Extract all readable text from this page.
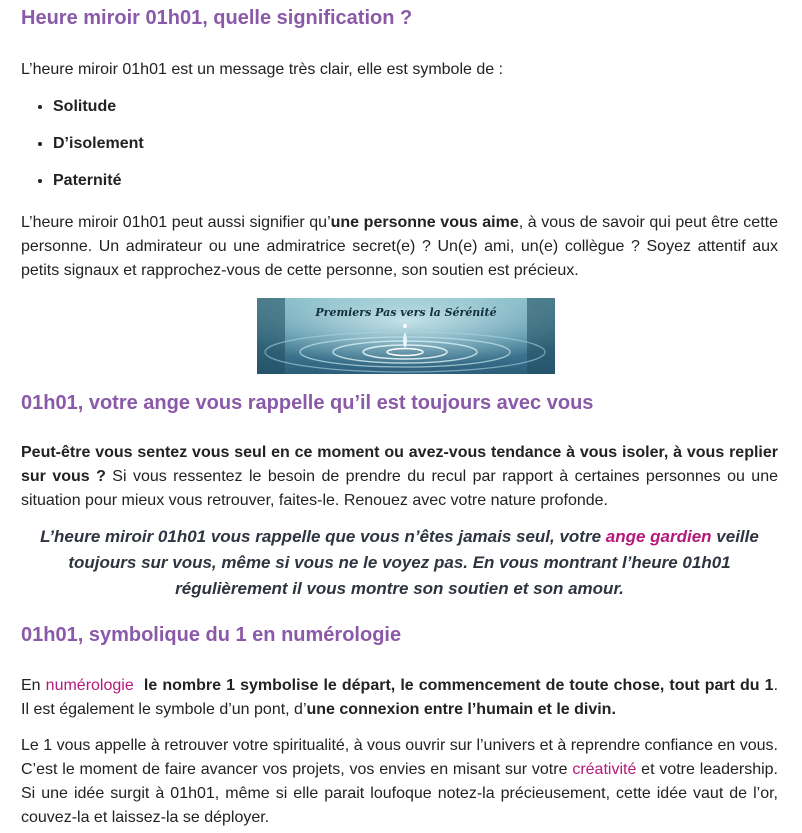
Heure miroir 01h01, quelle signification ?

L’heure miroir 01h01 est un message très clair, elle est symbole de :

• Solitude
• D’isolement
• Paternité

L’heure miroir 01h01 peut aussi signifier qu’une personne vous aime, à vous de savoir qui peut être cette personne. Un admirateur ou une admiratrice secret(e) ? Un(e) ami, un(e) collègue ? Soyez attentif aux petits signaux et rapprochez-vous de cette personne, son soutien est précieux.

Premiers Pas vers la Sérénité
01h01, votre ange vous rappelle qu’il est toujours avec vous

Peut-être vous sentez vous seul en ce moment ou avez-vous tendance à vous isoler, à vous replier sur vous ? Si vous ressentez le besoin de prendre du recul par rapport à certaines personnes ou une situation pour mieux vous retrouver, faites-le. Renouez avec votre nature profonde.

L’heure miroir 01h01 vous rappelle que vous n’êtes jamais seul, votre ange gardien veille toujours sur vous, même si vous ne le voyez pas. En vous montrant l’heure 01h01 régulièrement il vous montre son soutien et son amour.

01h01, symbolique du 1 en numérologie

En numérologie  le nombre 1 symbolise le départ, le commencement de toute chose, tout part du 1. Il est également le symbole d’un pont, d’une connexion entre l’humain et le divin.

Le 1 vous appelle à retrouver votre spiritualité, à vous ouvrir sur l’univers et à reprendre confiance en vous. C’est le moment de faire avancer vos projets, vos envies en misant sur votre créativité et votre leadership. Si une idée surgit à 01h01, même si elle parait loufoque notez-la précieusement, cette idée vaut de l’or, couvez-la et laissez-la se déployer.
